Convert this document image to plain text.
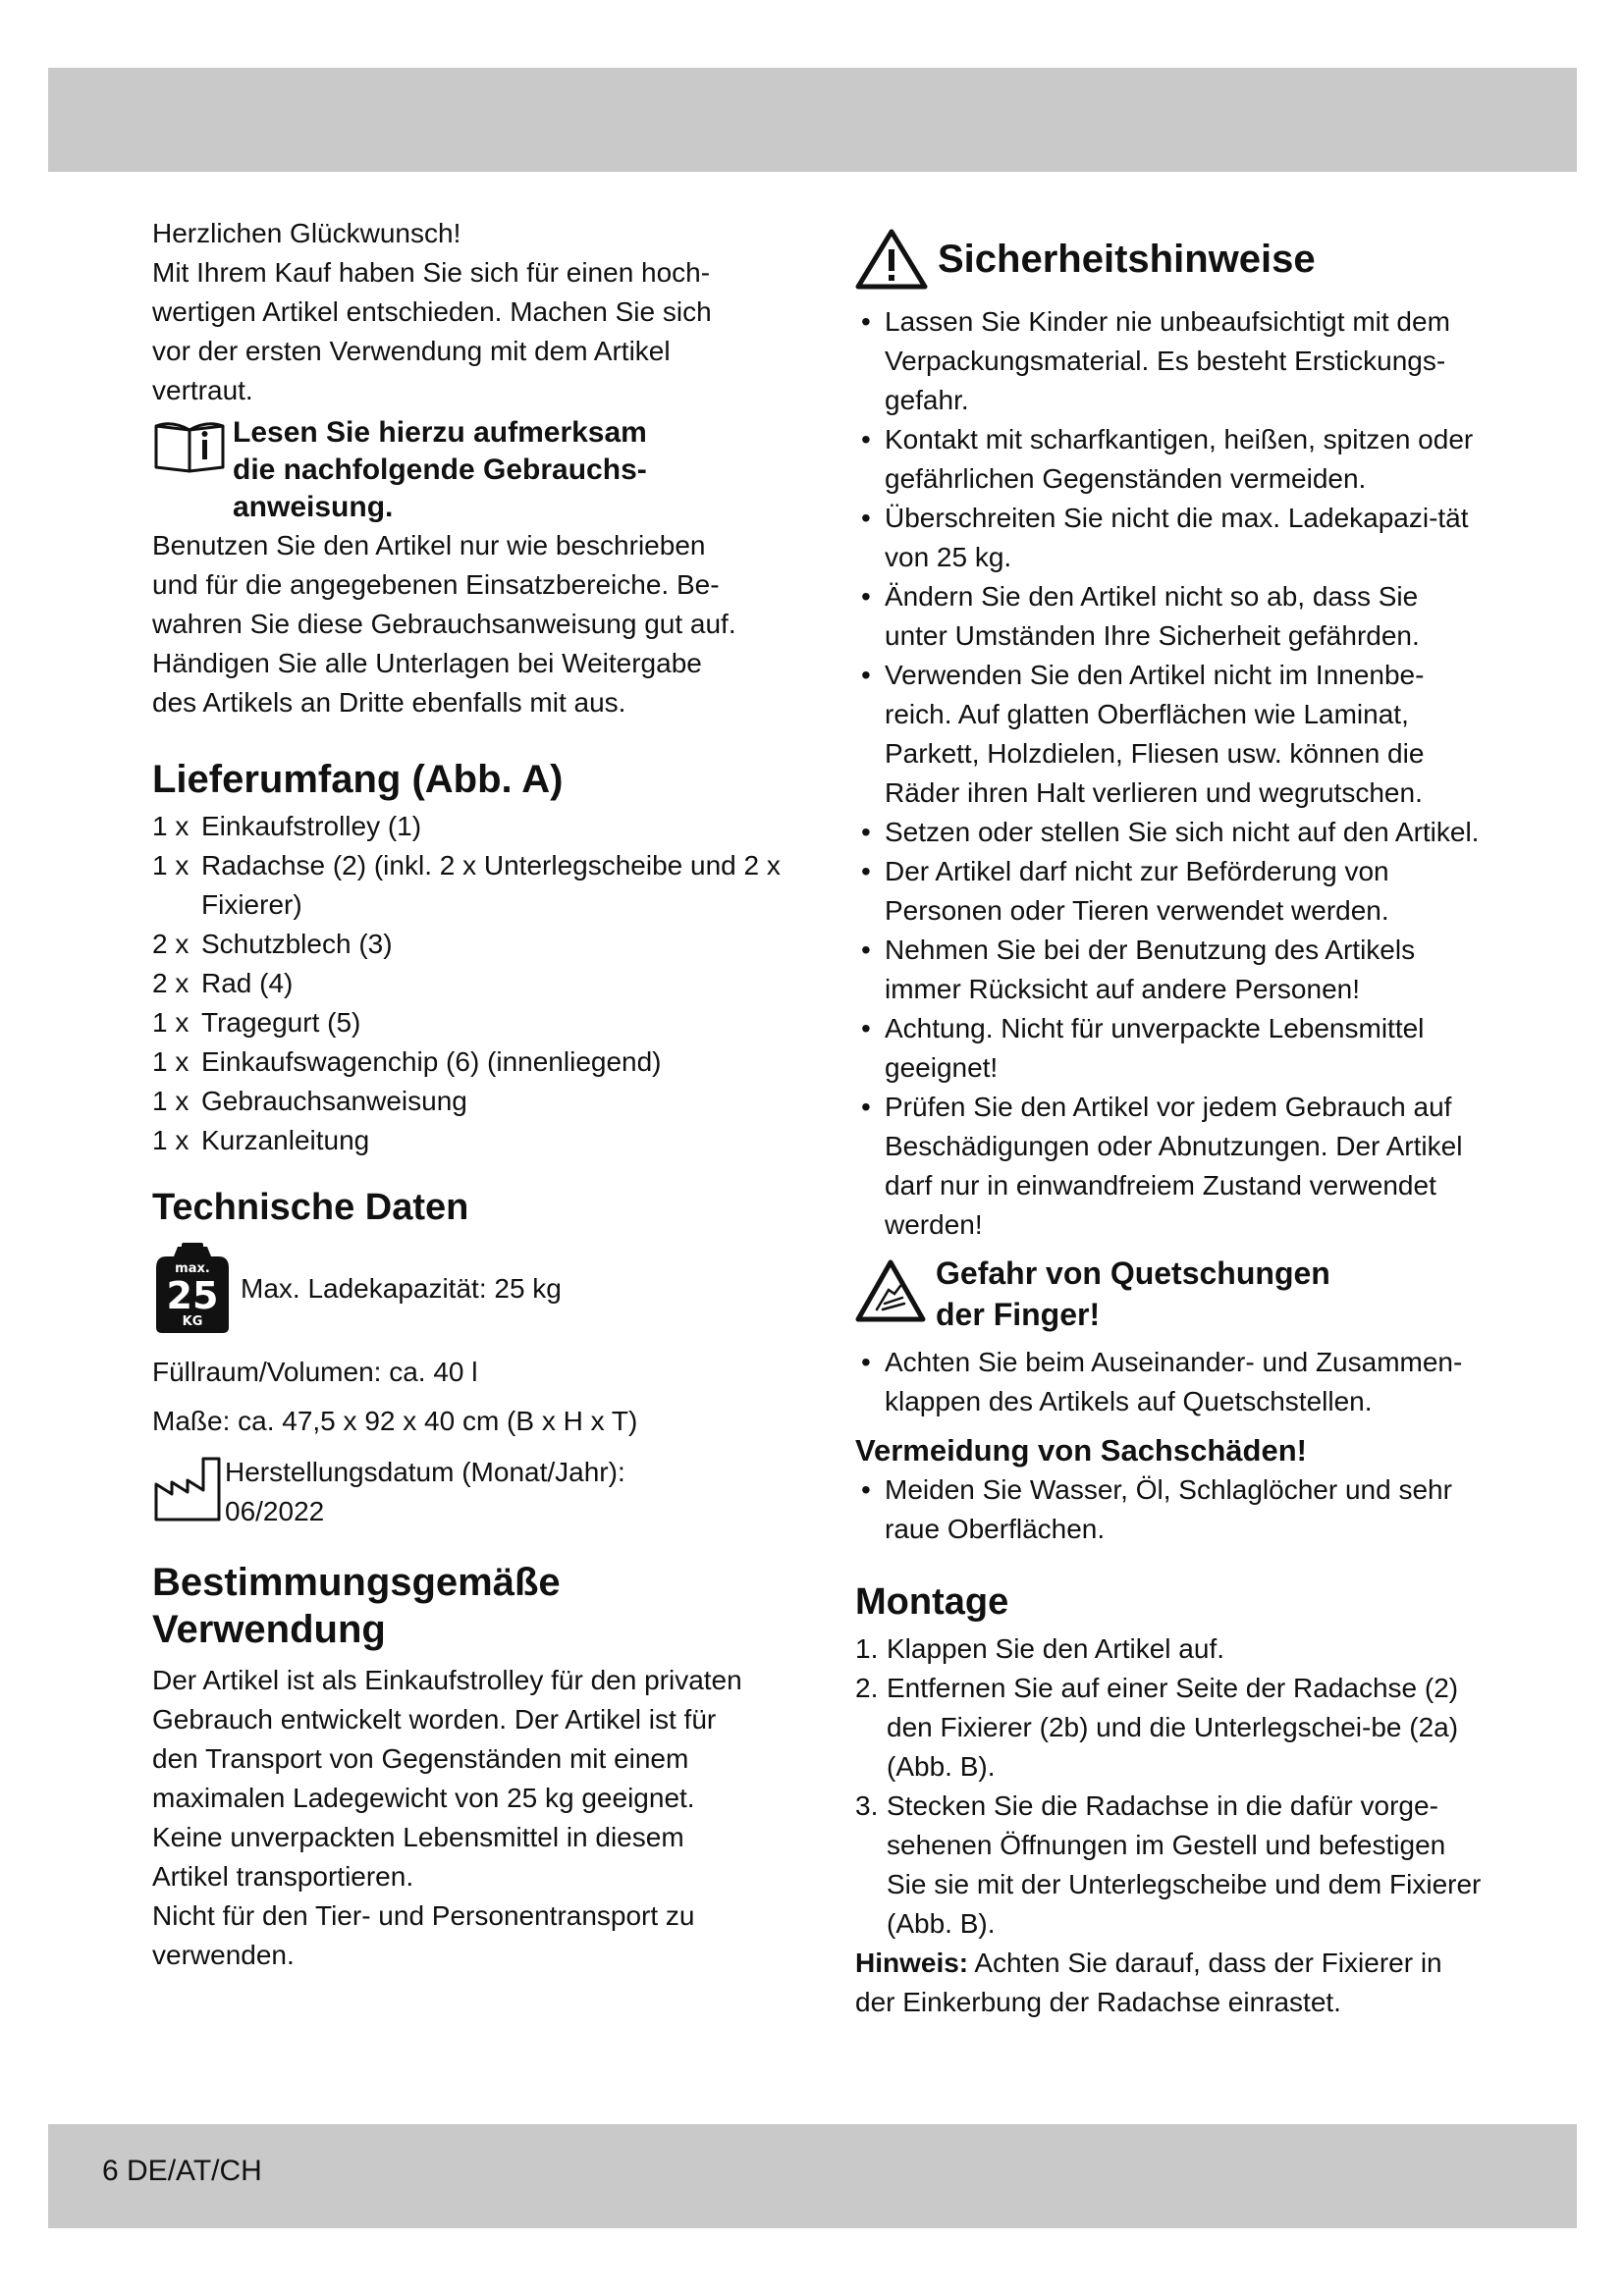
Herzlichen Glückwunsch!

Mit Ihrem Kauf haben Sie sich für einen hoch-

wertigen Artikel entschieden. Machen Sie sich

vor der ersten Verwendung mit dem Artikel

vertraut.

Lesen Sie hierzu aufmerksam

die nachfolgende Gebrauchs-

anweisung.

Benutzen Sie den Artikel nur wie beschrieben

und für die angegebenen Einsatzbereiche. Be-

wahren Sie diese Gebrauchsanweisung gut auf.

Händigen Sie alle Unterlagen bei Weitergabe

des Artikels an Dritte ebenfalls mit aus.

Lieferumfang (Abb. A)
1 x Einkaufstrolley (1)
1 x Radachse (2) (inkl. 2 x Unterlegscheibe und 2 x Fixierer)
2 x Schutzblech (3)
2 x Rad (4)
1 x Tragegurt (5)
1 x Einkaufswagenchip (6) (innenliegend)
1 x Gebrauchsanweisung
1 x Kurzanleitung
Technische Daten
max.
25
KG

Max. Ladekapazität: 25 kg

Füllraum/Volumen: ca. 40 l

Maße: ca. 47,5 x 92 x 40 cm (B x H x T)

Herstellungsdatum (Monat/Jahr):

06/2022

Bestimmungsgemäße
Verwendung

Der Artikel ist als Einkaufstrolley für den privaten

Gebrauch entwickelt worden. Der Artikel ist für

den Transport von Gegenständen mit einem

maximalen Ladegewicht von 25 kg geeignet.

Keine unverpackten Lebensmittel in diesem

Artikel transportieren.

Nicht für den Tier- und Personentransport zu

verwenden.

Sicherheitshinweise
• Lassen Sie Kinder nie unbeaufsichtigt mit dem Verpackungsmaterial. Es besteht Erstickungs-gefahr.
• Kontakt mit scharfkantigen, heißen, spitzen oder gefährlichen Gegenständen vermeiden.
• Überschreiten Sie nicht die max. Ladekapazi-tät von 25 kg.
• Ändern Sie den Artikel nicht so ab, dass Sie unter Umständen Ihre Sicherheit gefährden.
• Verwenden Sie den Artikel nicht im Innenbe-reich. Auf glatten Oberflächen wie Laminat, Parkett, Holzdielen, Fliesen usw. können die Räder ihren Halt verlieren und wegrutschen.
• Setzen oder stellen Sie sich nicht auf den Artikel.
• Der Artikel darf nicht zur Beförderung von Personen oder Tieren verwendet werden.
• Nehmen Sie bei der Benutzung des Artikels immer Rücksicht auf andere Personen!
• Achtung. Nicht für unverpackte Lebensmittel geeignet!
• Prüfen Sie den Artikel vor jedem Gebrauch auf Beschädigungen oder Abnutzungen. Der Artikel darf nur in einwandfreiem Zustand verwendet werden!
Gefahr von Quetschungen
der Finger!
• Achten Sie beim Auseinander- und Zusammen-klappen des Artikels auf Quetschstellen.
Vermeidung von Sachschäden!
• Meiden Sie Wasser, Öl, Schlaglöcher und sehr raue Oberflächen.
Montage
1. Klappen Sie den Artikel auf.
2. Entfernen Sie auf einer Seite der Radachse (2) den Fixierer (2b) und die Unterlegschei-be (2a) (Abb. B).
3. Stecken Sie die Radachse in die dafür vorge-sehenen Öffnungen im Gestell und befestigen Sie sie mit der Unterlegscheibe und dem Fixierer (Abb. B).

Hinweis: Achten Sie darauf, dass der Fixierer in der Einkerbung der Radachse einrastet.

6 DE/AT/CH
